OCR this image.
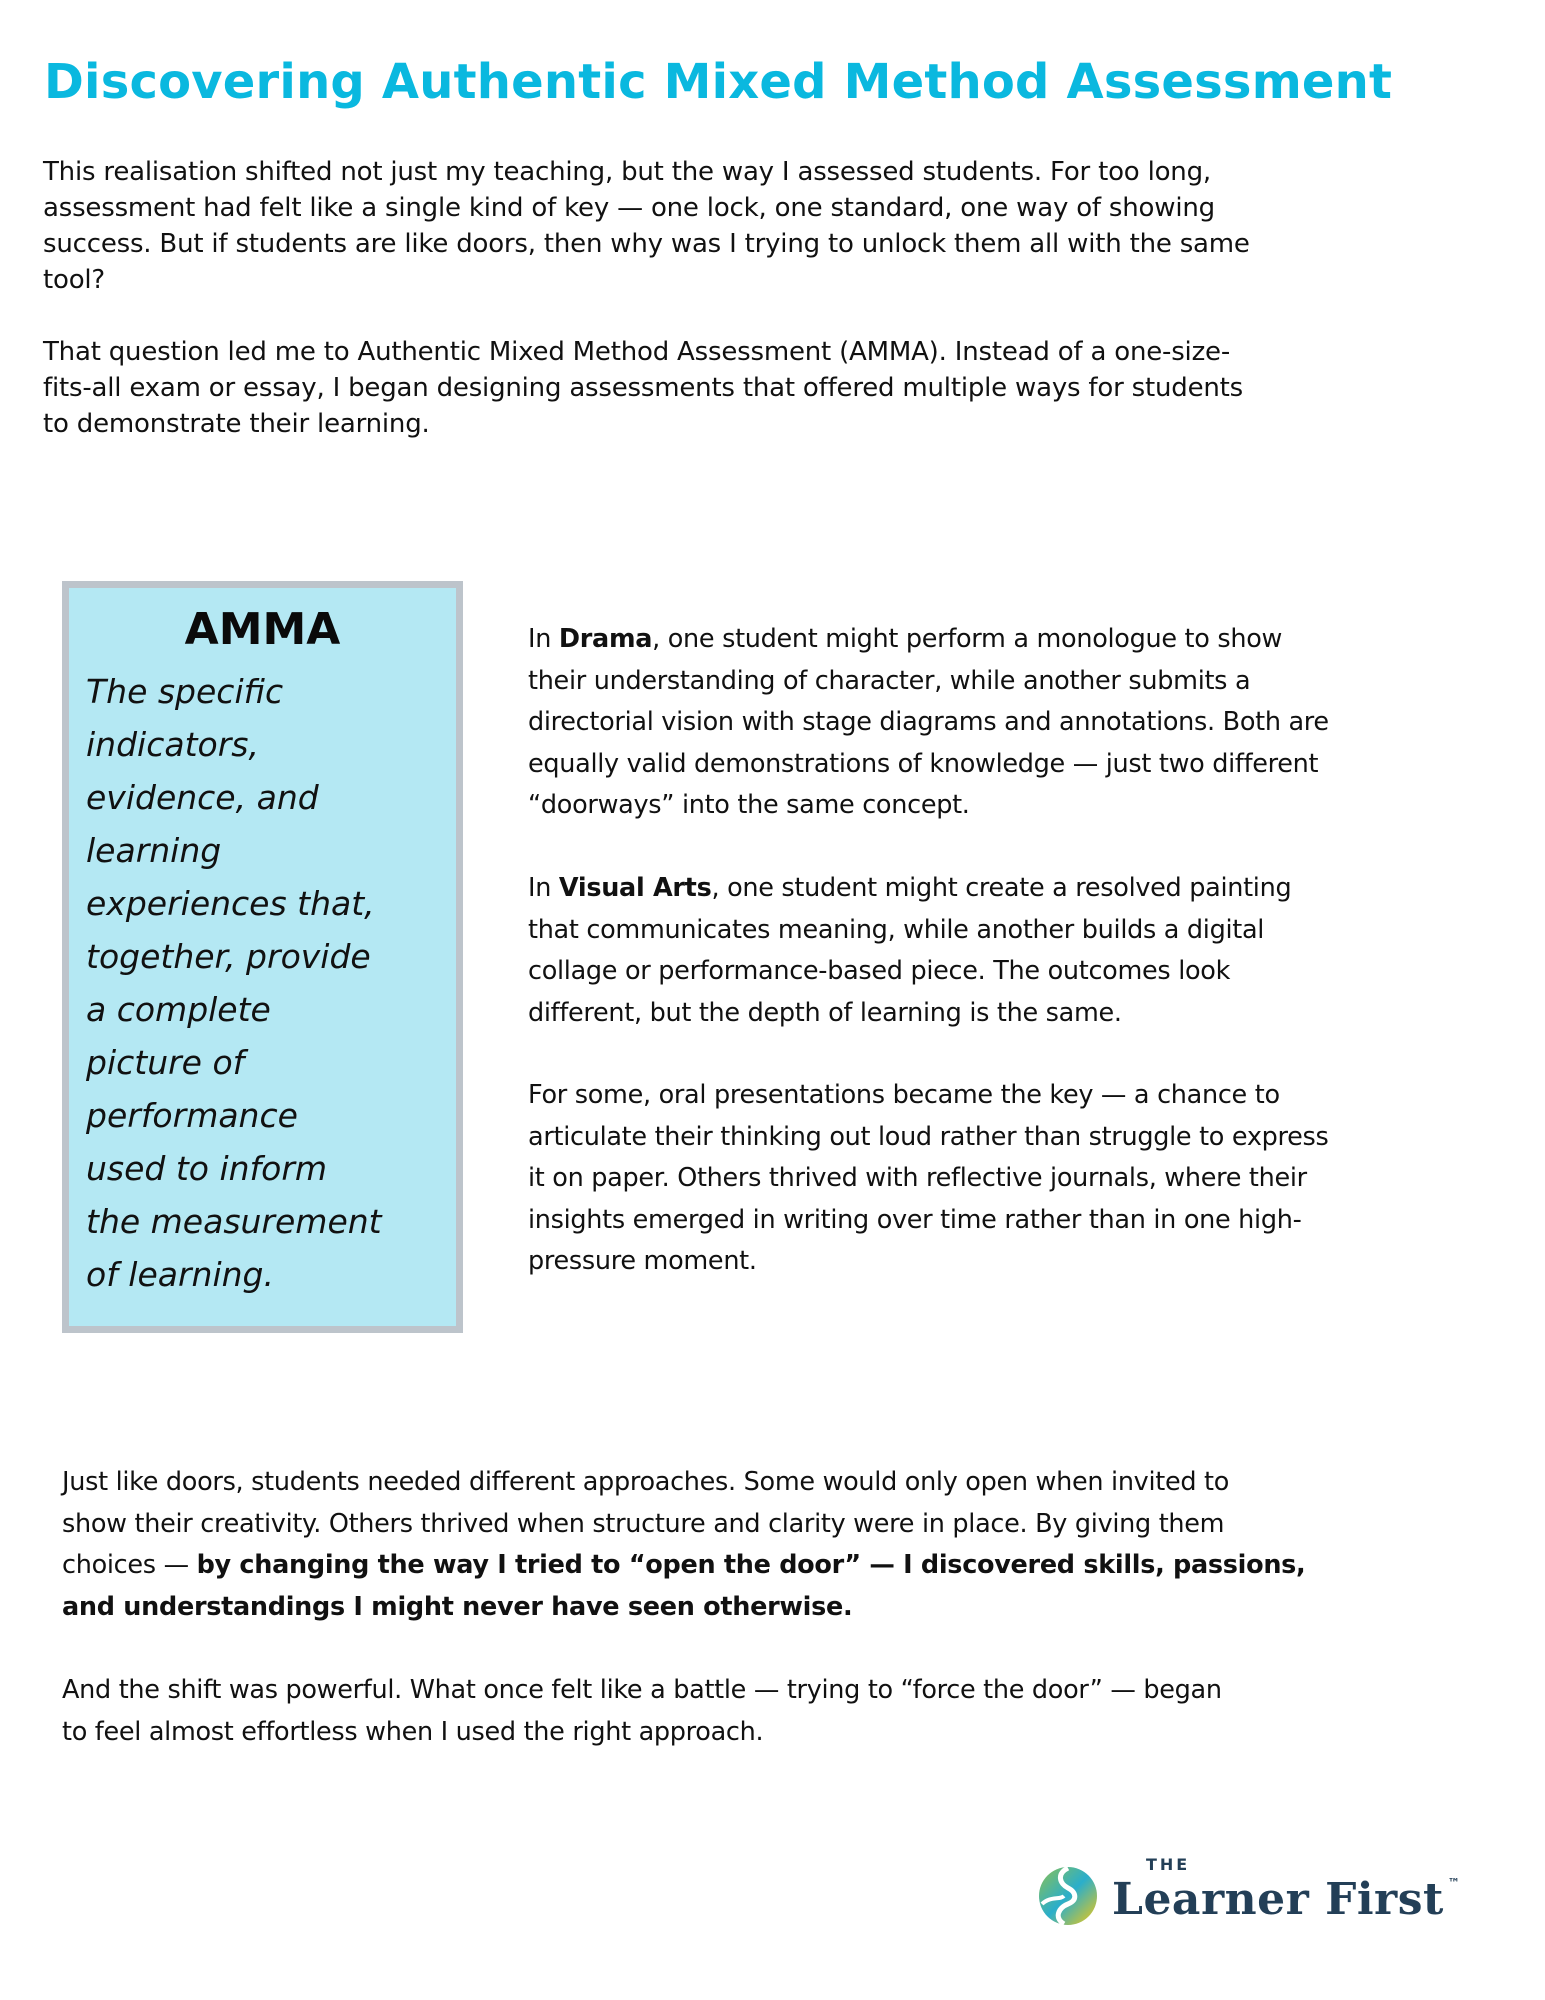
Discovering Authentic Mixed Method Assessment
This realisation shifted not just my teaching, but the way I assessed students. For too long,
assessment had felt like a single kind of key — one lock, one standard, one way of showing
success. But if students are like doors, then why was I trying to unlock them all with the same
tool?
That question led me to Authentic Mixed Method Assessment (AMMA). Instead of a one-size-
fits-all exam or essay, I began designing assessments that offered multiple ways for students
to demonstrate their learning.
AMMA

The specific
indicators,
evidence, and
learning
experiences that,
together, provide
a complete
picture of
performance
used to inform
the measurement
of learning.

In Drama, one student might perform a monologue to show
their understanding of character, while another submits a
directorial vision with stage diagrams and annotations. Both are
equally valid demonstrations of knowledge — just two different
“doorways” into the same concept.
In Visual Arts, one student might create a resolved painting
that communicates meaning, while another builds a digital
collage or performance-based piece. The outcomes look
different, but the depth of learning is the same.
For some, oral presentations became the key — a chance to
articulate their thinking out loud rather than struggle to express
it on paper. Others thrived with reflective journals, where their
insights emerged in writing over time rather than in one high-
pressure moment.
Just like doors, students needed different approaches. Some would only open when invited to
show their creativity. Others thrived when structure and clarity were in place. By giving them
choices — by changing the way I tried to “open the door” — I discovered skills, passions,
and understandings I might never have seen otherwise.
And the shift was powerful. What once felt like a battle — trying to “force the door” — began
to feel almost effortless when I used the right approach.
THE
Learner First ™
